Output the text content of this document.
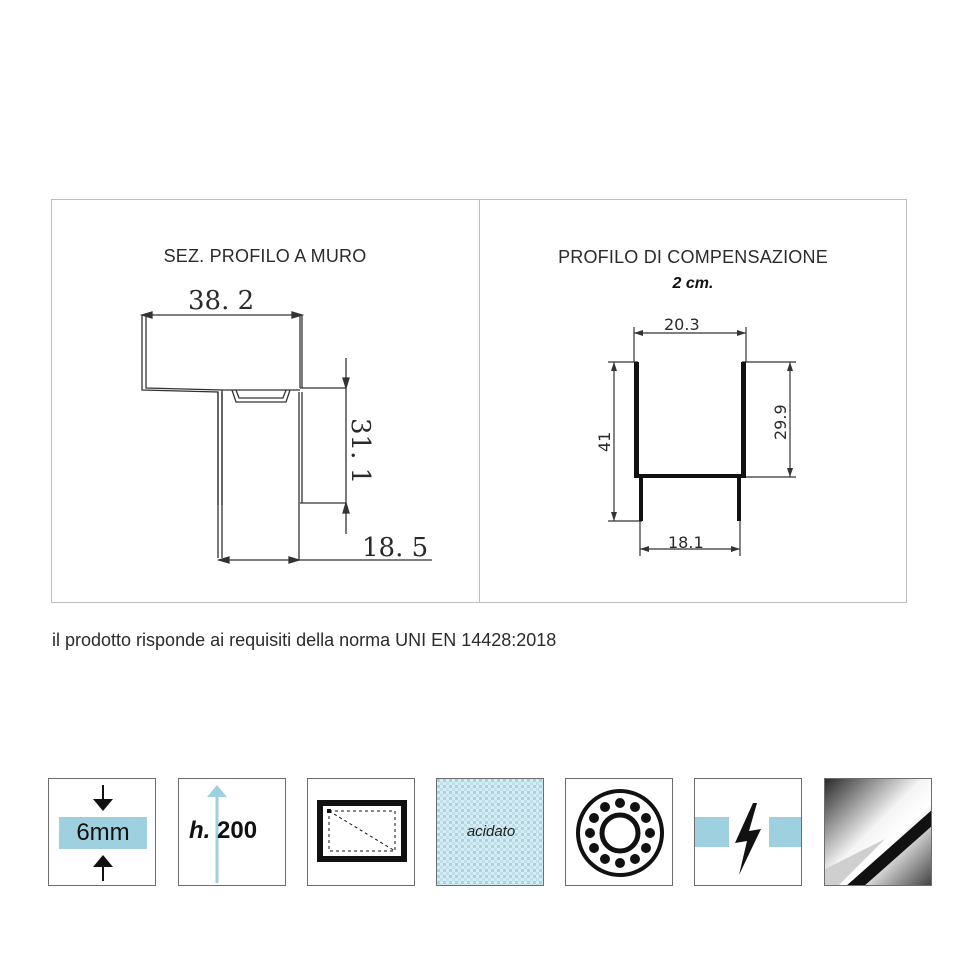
SEZ. PROFILO A MURO
38. 2
31. 1
18. 5
PROFILO DI COMPENSAZIONE
2 cm.
20.3
41
29.9
18.1
il prodotto risponde ai requisiti della norma UNI EN 14428:2018
6mm	h. 200	acidato
